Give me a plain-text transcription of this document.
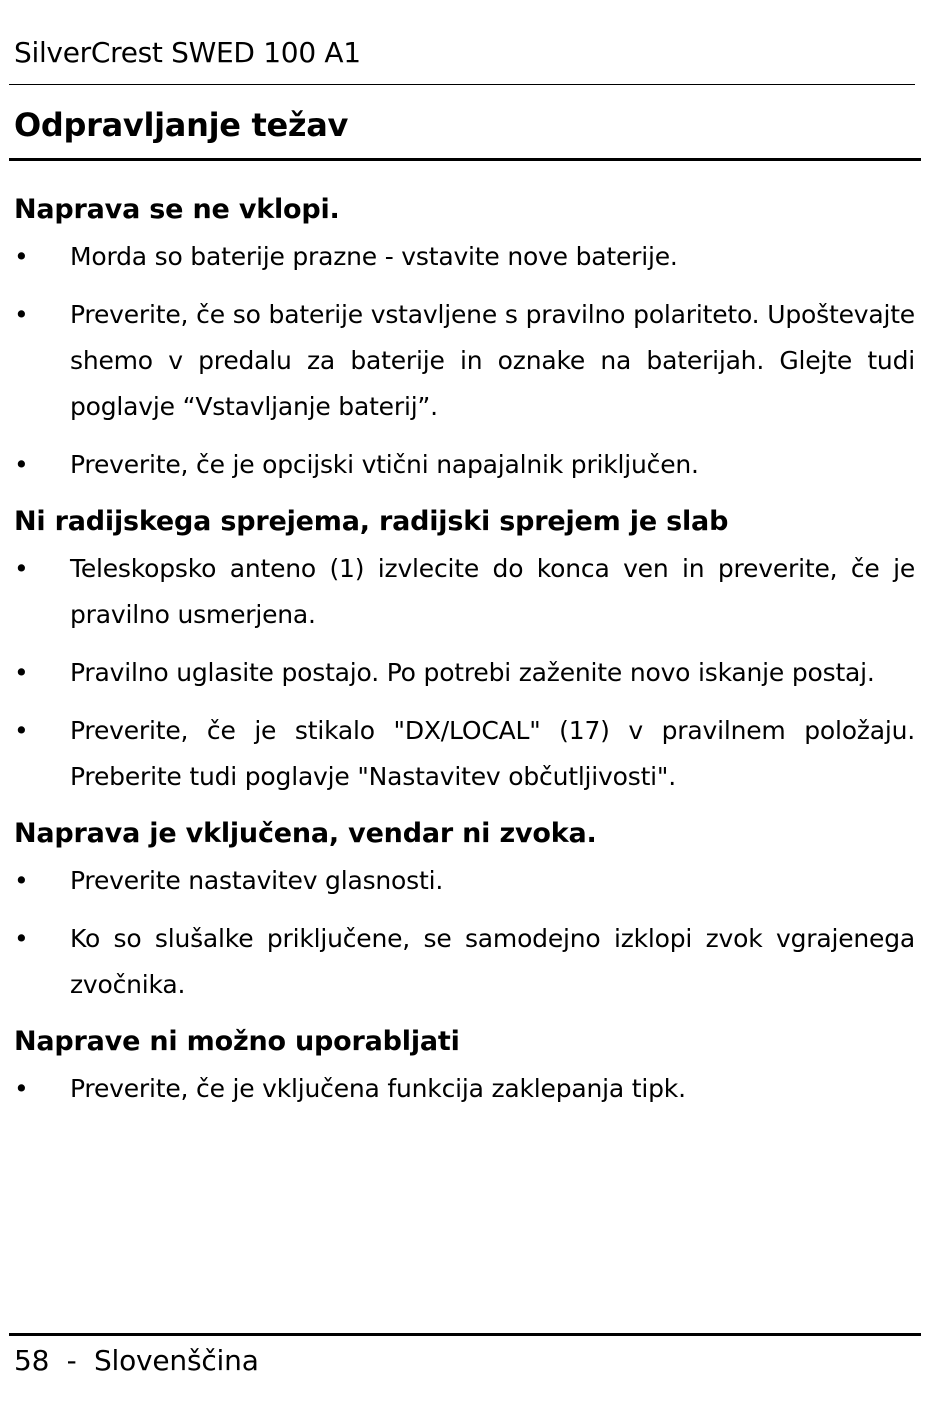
SilverCrest SWED 100 A1
Odpravljanje težav
Naprava se ne vklopi.
• Morda so baterije prazne - vstavite nove baterije.
• Preverite, če so baterije vstavljene s pravilno polariteto. Upoštevajte shemo v predalu za baterije in oznake na baterijah. Glejte tudi poglavje “Vstavljanje baterij”.
• Preverite, če je opcijski vtični napajalnik priključen.
Ni radijskega sprejema, radijski sprejem je slab
• Teleskopsko anteno (1) izvlecite do konca ven in preverite, če je pravilno usmerjena.
• Pravilno uglasite postajo. Po potrebi zaženite novo iskanje postaj.
• Preverite, če je stikalo "DX/LOCAL" (17) v pravilnem položaju. Preberite tudi poglavje "Nastavitev občutljivosti".
Naprava je vključena, vendar ni zvoka.
• Preverite nastavitev glasnosti.
• Ko so slušalke priključene, se samodejno izklopi zvok vgrajenega zvočnika.
Naprave ni možno uporabljati
• Preverite, če je vključena funkcija zaklepanja tipk.
58 - Slovenščina
